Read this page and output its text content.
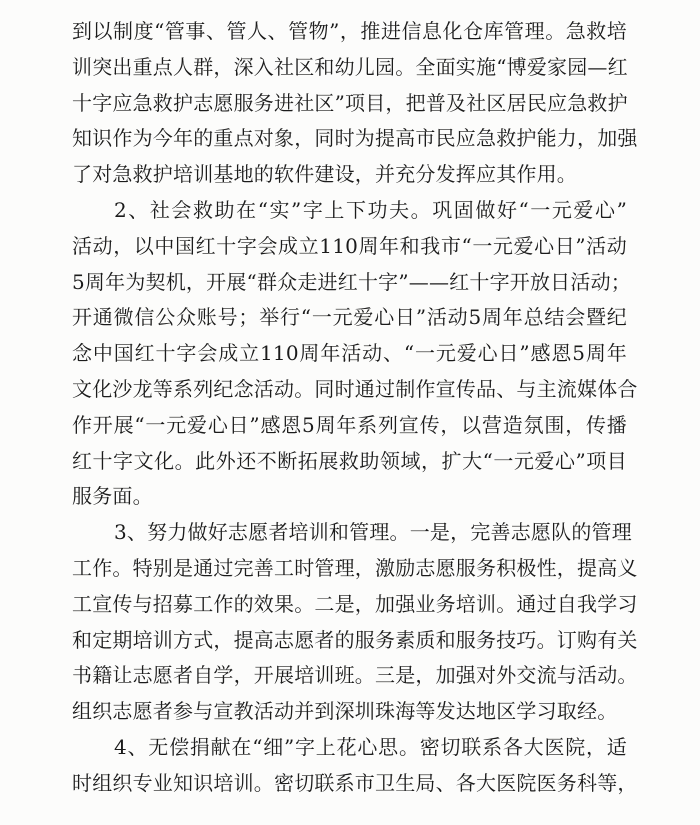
到以制度“管事、管人、管物”，推进信息化仓库管理。急救培
训突出重点人群，深入社区和幼儿园。全面实施“博爱家园—红
十字应急救护志愿服务进社区”项目，把普及社区居民应急救护
知识作为今年的重点对象，同时为提高市民应急救护能力，加强
了对急救护培训基地的软件建设，并充分发挥应其作用。
2、社会救助在“实”字上下功夫。巩固做好“一元爱心”
活动，以中国红十字会成立110周年和我市“一元爱心日”活动
5周年为契机，开展“群众走进红十字”——红十字开放日活动；
开通微信公众账号；举行“一元爱心日”活动5周年总结会暨纪
念中国红十字会成立110周年活动、“一元爱心日”感恩5周年
文化沙龙等系列纪念活动。同时通过制作宣传品、与主流媒体合
作开展“一元爱心日”感恩5周年系列宣传，以营造氛围，传播
红十字文化。此外还不断拓展救助领域，扩大“一元爱心”项目
服务面。
3、努力做好志愿者培训和管理。一是，完善志愿队的管理
工作。特别是通过完善工时管理，激励志愿服务积极性，提高义
工宣传与招募工作的效果。二是，加强业务培训。通过自我学习
和定期培训方式，提高志愿者的服务素质和服务技巧。订购有关
书籍让志愿者自学，开展培训班。三是，加强对外交流与活动。
组织志愿者参与宣教活动并到深圳珠海等发达地区学习取经。
4、无偿捐献在“细”字上花心思。密切联系各大医院，适
时组织专业知识培训。密切联系市卫生局、各大医院医务科等，
